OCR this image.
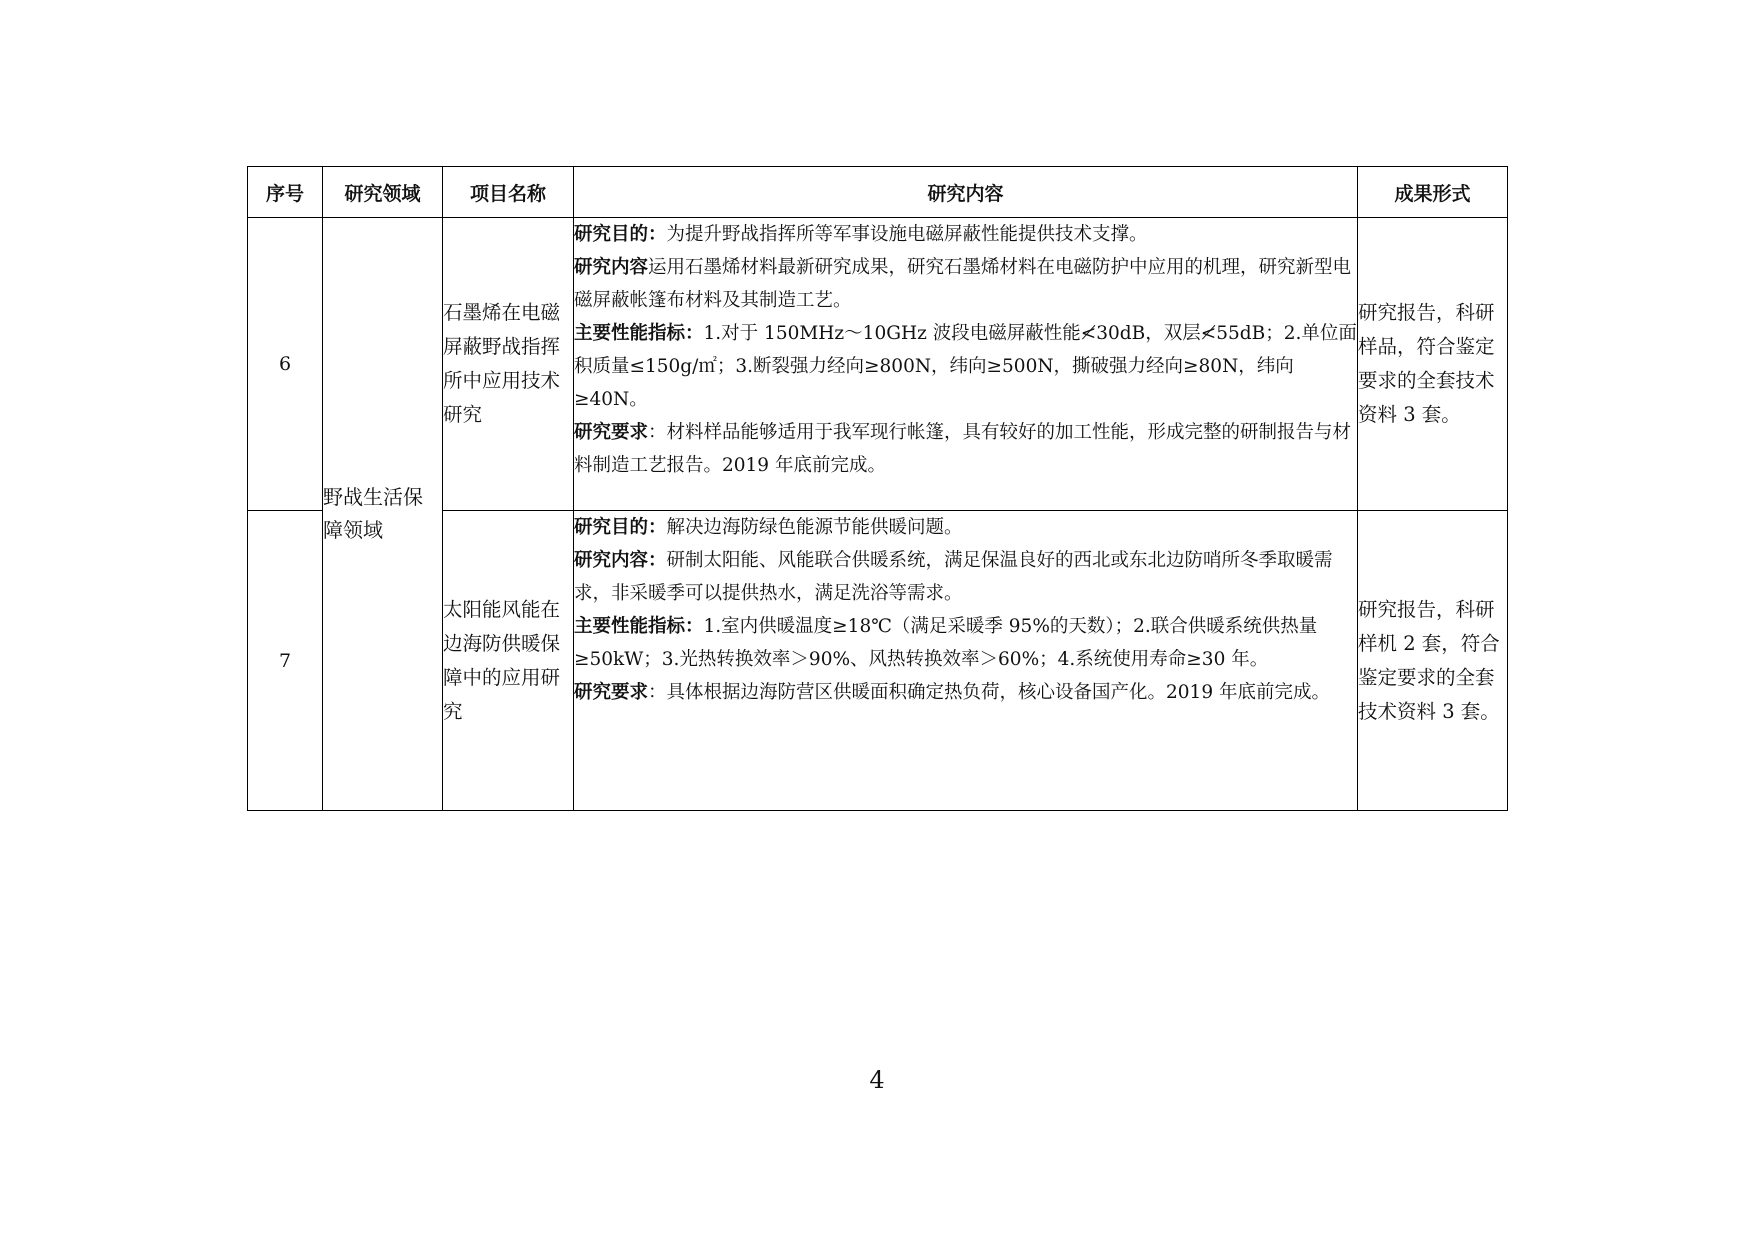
序号	研究领域	项目名称	研究内容	成果形式
6	野战生活保障领域	石墨烯在电磁屏蔽野战指挥所中应用技术研究	研究目的：为提升野战指挥所等军事设施电磁屏蔽性能提供技术支撑。
研究内容运用石墨烯材料最新研究成果，研究石墨烯材料在电磁防护中应用的机理，研究新型电磁屏蔽帐篷布材料及其制造工艺。
主要性能指标：1.对于 150MHz～10GHz 波段电磁屏蔽性能≮30dB，双层≮55dB；2.单位面积质量≤150g/㎡；3.断裂强力经向≥800N，纬向≥500N，撕破强力经向≥80N，纬向≥40N。
研究要求：材料样品能够适用于我军现行帐篷，具有较好的加工性能，形成完整的研制报告与材料制造工艺报告。2019 年底前完成。	研究报告，科研样品，符合鉴定要求的全套技术资料 3 套。
7		太阳能风能在边海防供暖保障中的应用研究	研究目的：解决边海防绿色能源节能供暖问题。
研究内容：研制太阳能、风能联合供暖系统，满足保温良好的西北或东北边防哨所冬季取暖需求，非采暖季可以提供热水，满足洗浴等需求。
主要性能指标：1.室内供暖温度≥18℃（满足采暖季 95%的天数）；2.联合供暖系统供热量≥50kW；3.光热转换效率＞90%、风热转换效率＞60%；4.系统使用寿命≥30 年。
研究要求：具体根据边海防营区供暖面积确定热负荷，核心设备国产化。2019 年底前完成。	研究报告，科研样机 2 套，符合鉴定要求的全套技术资料 3 套。
4
